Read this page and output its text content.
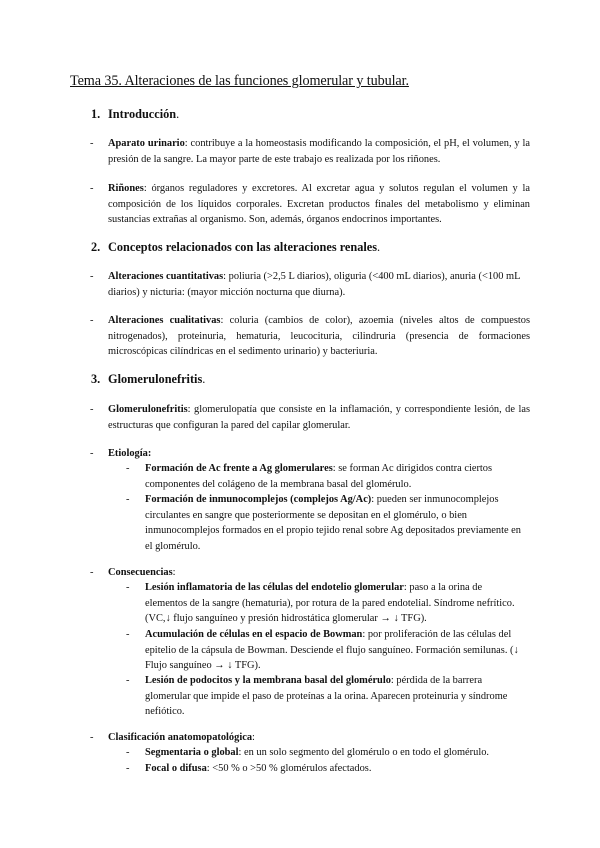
Tema 35. Alteraciones de las funciones glomerular y tubular.
1. Introducción.
- Aparato urinario: contribuye a la homeostasis modificando la composición, el pH, el volumen, y la presión de la sangre. La mayor parte de este trabajo es realizada por los riñones.
- Riñones: órganos reguladores y excretores. Al excretar agua y solutos regulan el volumen y la composición de los líquidos corporales. Excretan productos finales del metabolismo y eliminan sustancias extrañas al organismo. Son, además, órganos endocrinos importantes.
2. Conceptos relacionados con las alteraciones renales.
- Alteraciones cuantitativas: poliuria (>2,5 L diarios), oliguria (<400 mL diarios), anuria (<100 mL diarios) y nicturia: (mayor micción nocturna que diurna).
- Alteraciones cualitativas: coluria (cambios de color), azoemia (niveles altos de compuestos nitrogenados), proteinuria, hematuria, leucocituria, cilindruria (presencia de formaciones microscópicas cilíndricas en el sedimento urinario) y bacteriuria.
3. Glomerulonefritis.
- Glomerulonefritis: glomerulopatía que consiste en la inflamación, y correspondiente lesión, de las estructuras que configuran la pared del capilar glomerular.
- Etiología:
- Formación de Ac frente a Ag glomerulares: se forman Ac dirigidos contra ciertos componentes del colágeno de la membrana basal del glomérulo.
- Formación de inmunocomplejos (complejos Ag/Ac): pueden ser inmunocomplejos circulantes en sangre que posteriormente se depositan en el glomérulo, o bien inmunocomplejos formados en el propio tejido renal sobre Ag depositados previamente en el glomérulo.
- Consecuencias:
- Lesión inflamatoria de las células del endotelio glomerular: paso a la orina de elementos de la sangre (hematuria), por rotura de la pared endotelial. Síndrome nefrítico. (VC,↓ flujo sanguíneo y presión hidrostática glomerular → ↓ TFG).
- Acumulación de células en el espacio de Bowman: por proliferación de las células del epitelio de la cápsula de Bowman. Desciende el flujo sanguíneo. Formación semilunas. (↓ Flujo sanguíneo → ↓ TFG).
- Lesión de podocitos y la membrana basal del glomérulo: pérdida de la barrera glomerular que impide el paso de proteínas a la orina. Aparecen proteinuria y síndrome nefiótico.
- Clasificación anatomopatológica:
- Segmentaria o global: en un solo segmento del glomérulo o en todo el glomérulo.
- Focal o difusa: <50 % o >50 % glomérulos afectados.
